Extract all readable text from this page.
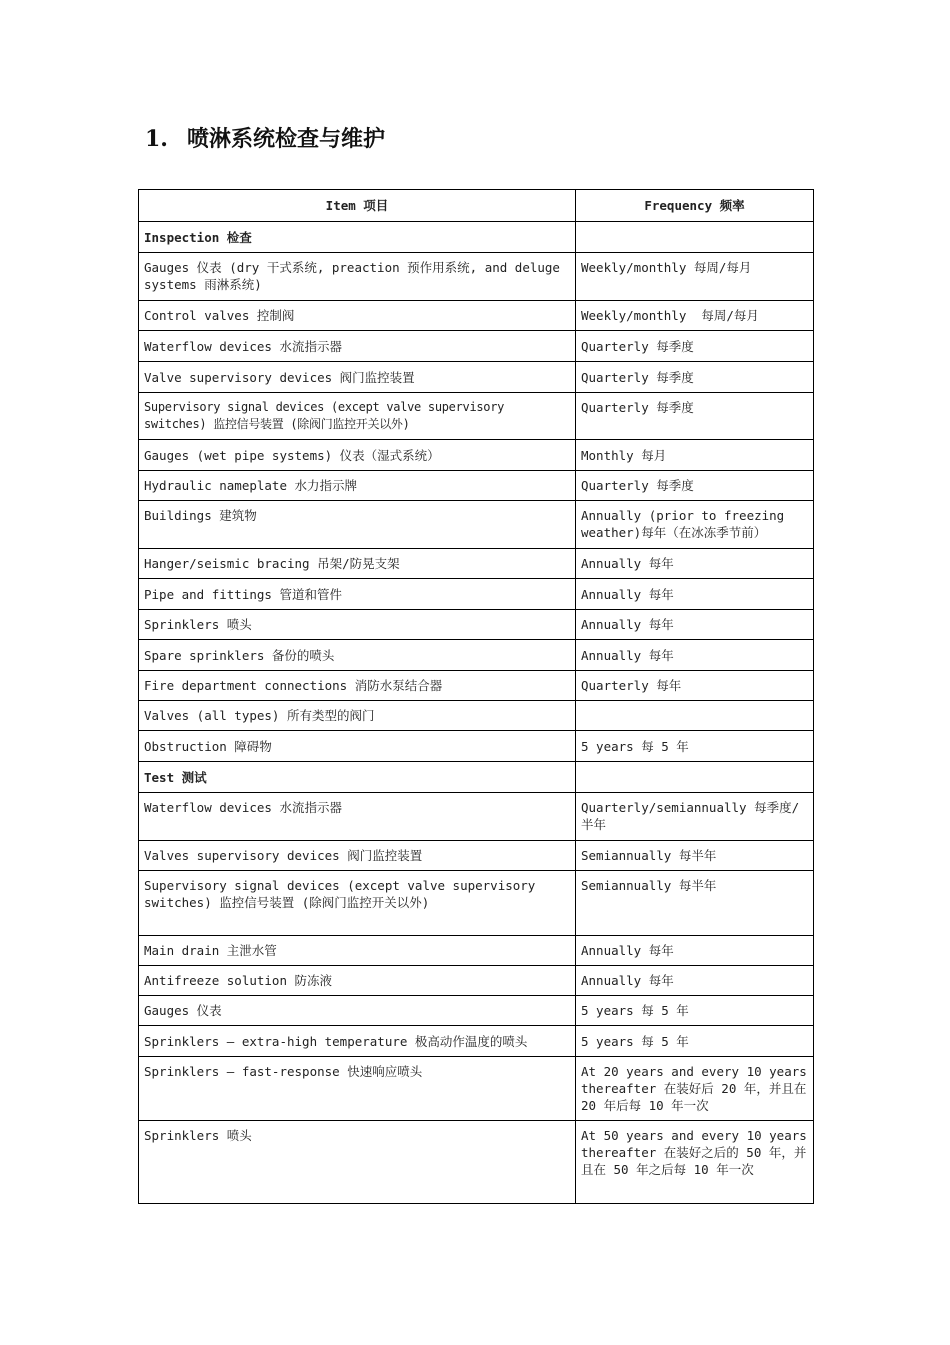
1. 喷淋系统检查与维护
Item 项目	Frequency 频率
Inspection 检查	
Gauges 仪表 (dry 干式系统, preaction 预作用系统, and deluge systems 雨淋系统)	Weekly/monthly 每周/每月
Control valves 控制阀	Weekly/monthly  每周/每月
Waterflow devices 水流指示器	Quarterly 每季度
Valve supervisory devices 阀门监控装置	Quarterly 每季度
Supervisory signal devices (except valve supervisory switches) 监控信号装置 (除阀门监控开关以外)	Quarterly 每季度
Gauges (wet pipe systems) 仪表（湿式系统）	Monthly 每月
Hydraulic nameplate 水力指示牌	Quarterly 每季度
Buildings 建筑物	Annually (prior to freezing weather)每年（在冰冻季节前）
Hanger/seismic bracing 吊架/防晃支架	Annually 每年
Pipe and fittings 管道和管件	Annually 每年
Sprinklers 喷头	Annually 每年
Spare sprinklers 备份的喷头	Annually 每年
Fire department connections 消防水泵结合器	Quarterly 每年
Valves (all types) 所有类型的阀门	
Obstruction 障碍物	5 years 每 5 年
Test 测试	
Waterflow devices 水流指示器	Quarterly/semiannually 每季度/半年
Valves supervisory devices 阀门监控装置	Semiannually 每半年
Supervisory signal devices (except valve supervisory switches) 监控信号装置 (除阀门监控开关以外)	Semiannually 每半年
Main drain 主泄水管	Annually 每年
Antifreeze solution 防冻液	Annually 每年
Gauges 仪表	5 years 每 5 年
Sprinklers — extra-high temperature 极高动作温度的喷头	5 years 每 5 年
Sprinklers — fast-response 快速响应喷头	At 20 years and every 10 years thereafter 在装好后 20 年，并且在 20 年后每 10 年一次
Sprinklers 喷头	At 50 years and every 10 years thereafter 在装好之后的 50 年，并且在 50 年之后每 10 年一次
